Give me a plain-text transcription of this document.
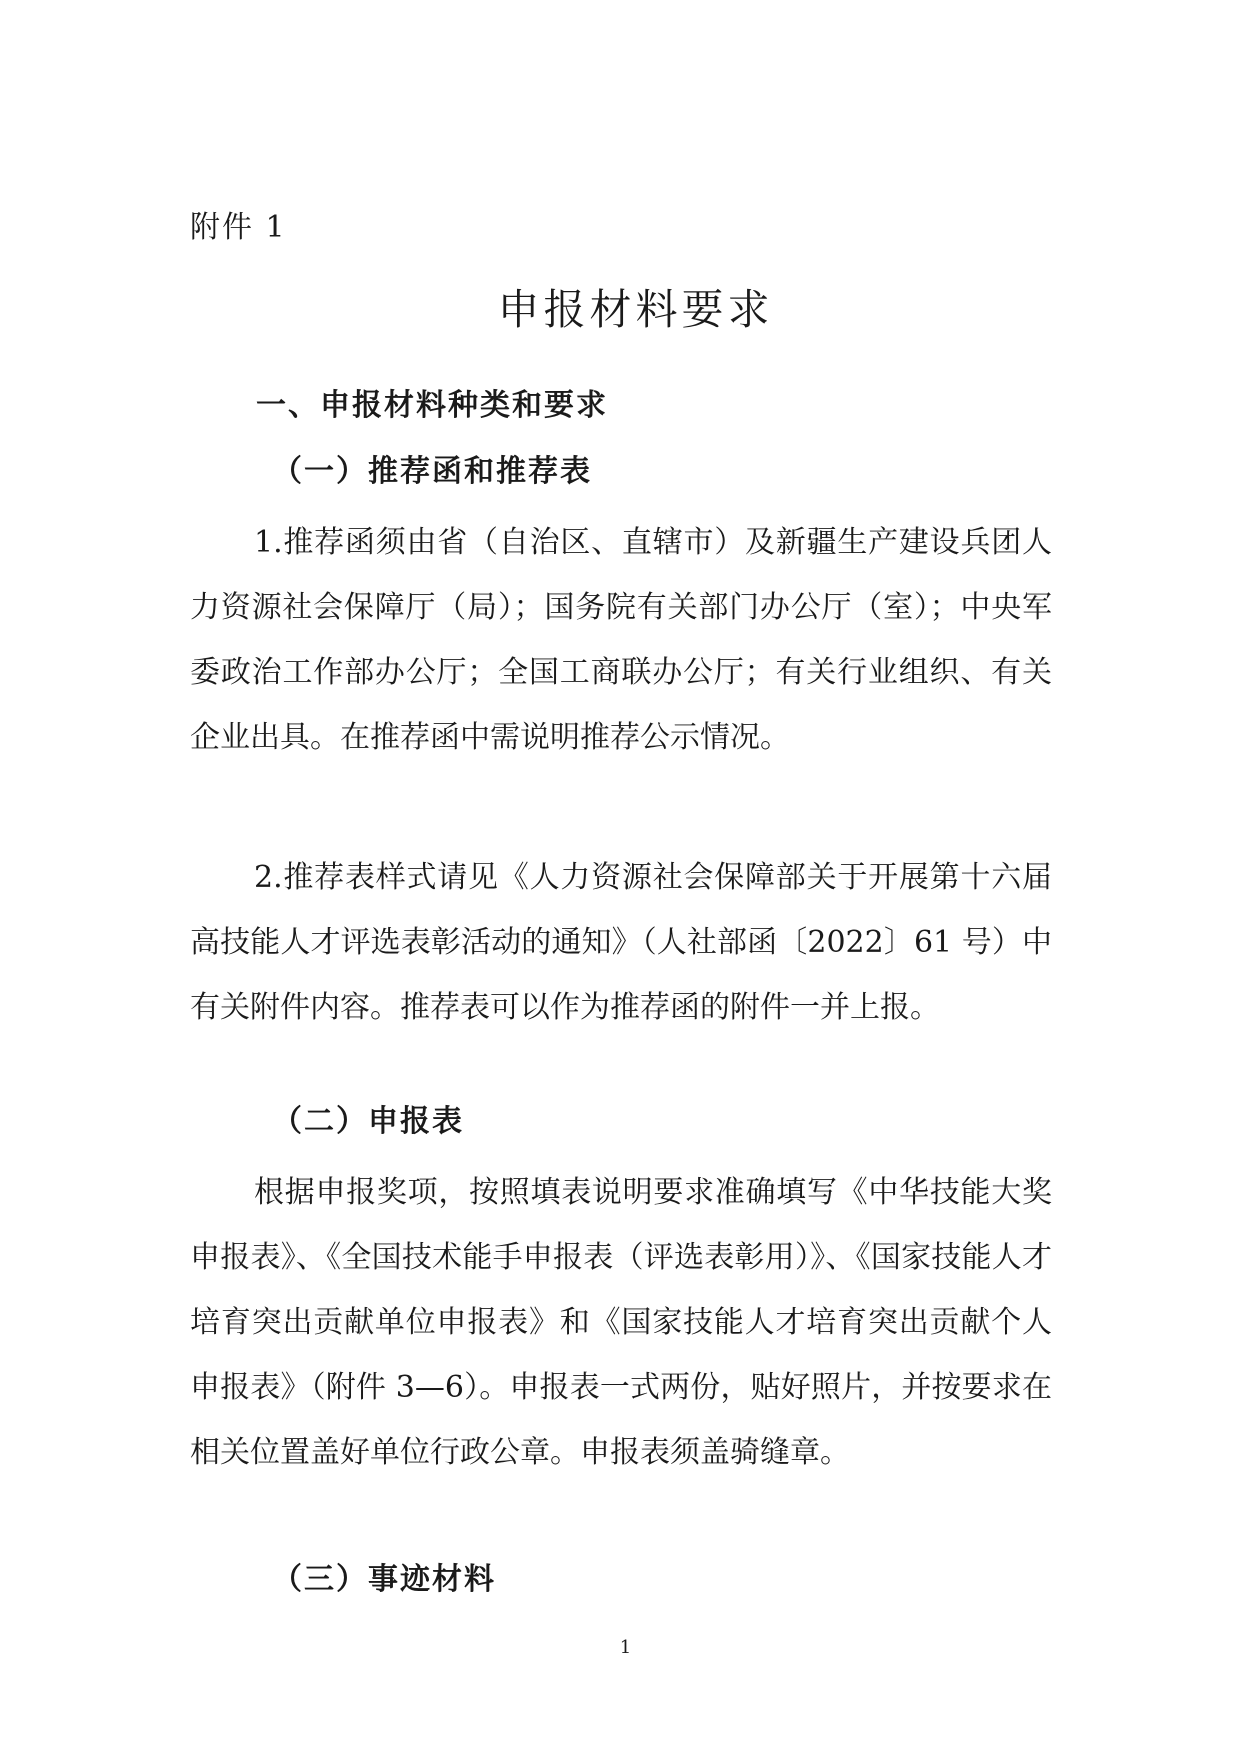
附件 1
申报材料要求
一、申报材料种类和要求
（一）推荐函和推荐表

1.推荐函须由省（自治区、直辖市）及新疆生产建设兵团人力资源社会保障厅（局）；国务院有关部门办公厅（室）；中央军委政治工作部办公厅；全国工商联办公厅；有关行业组织、有关企业出具。在推荐函中需说明推荐公示情况。

2.推荐表样式请见《人力资源社会保障部关于开展第十六届高技能人才评选表彰活动的通知》（人社部函〔2022〕61 号）中有关附件内容。推荐表可以作为推荐函的附件一并上报。

（二）申报表

根据申报奖项，按照填表说明要求准确填写《中华技能大奖申报表》、《全国技术能手申报表（评选表彰用）》、《国家技能人才培育突出贡献单位申报表》和《国家技能人才培育突出贡献个人申报表》（附件 3—6）。申报表一式两份，贴好照片，并按要求在相关位置盖好单位行政公章。申报表须盖骑缝章。

（三）事迹材料
1
